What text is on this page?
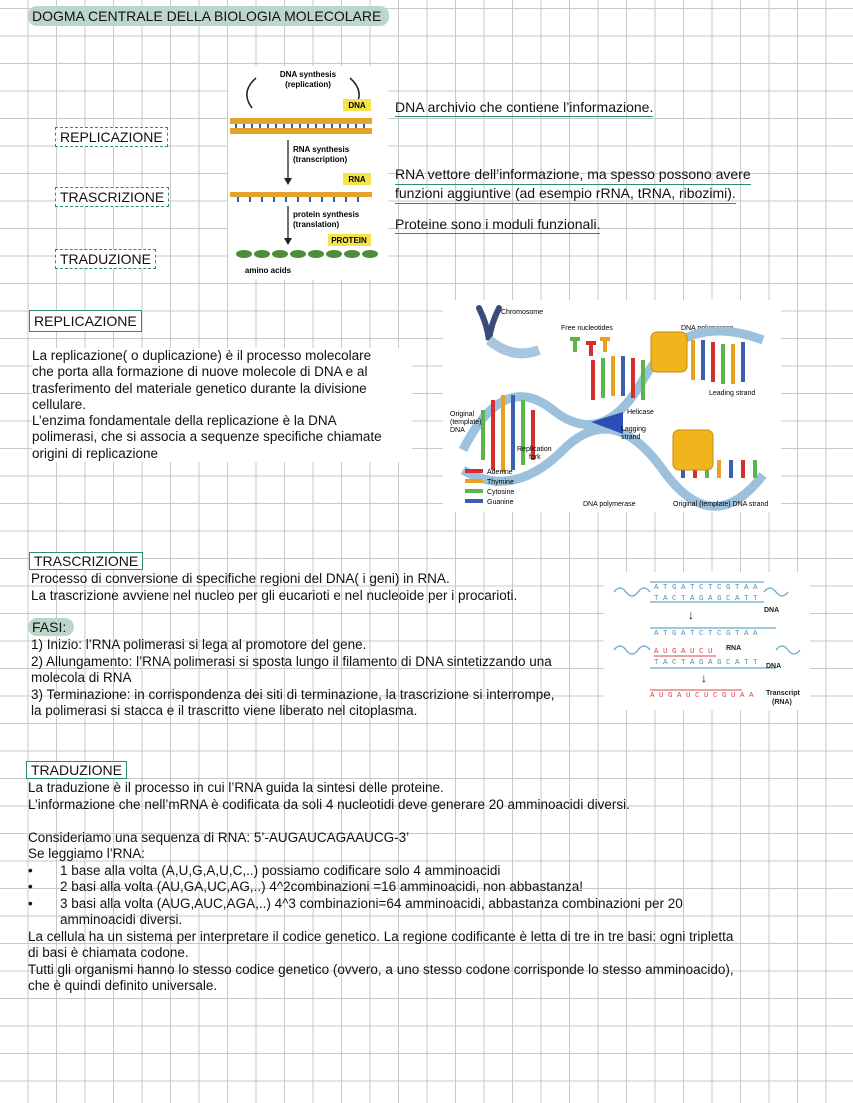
DOGMA CENTRALE DELLA BIOLOGIA MOLECOLARE
REPLICAZIONE
TRASCRIZIONE
TRADUZIONE
DNA synthesis
(replication)
DNA
RNA synthesis
(transcription)
RNA
protein synthesis
(translation)
PROTEIN
amino acids
DNA archivio che contiene l’informazione.
RNA vettore dell’informazione, ma spesso possono avere
funzioni aggiuntive (ad esempio rRNA, tRNA, ribozimi).
Proteine sono i moduli funzionali.
REPLICAZIONE
La replicazione( o duplicazione) è il processo molecolare
che porta alla formazione di nuove molecole di DNA e al
trasferimento del materiale genetico durante la divisione
cellulare.
L’enzima fondamentale della replicazione è la DNA
polimerasi, che si associa a sequenze specifiche chiamate
origini di replicazione
Chromosome
Free nucleotides	DNA polymerase
Leading strand
Original
(template)
DNA
Helicase
Lagging
strand
Replication
fork
Adenine
Thymine
Cytosine
Guanine	DNA polymerase	Original (template) DNA strand
TRASCRIZIONE
Processo di conversione di specifiche regioni del DNA( i geni) in RNA.
La trascrizione avviene nel nucleo per gli eucarioti e nel nucleoide per i procarioti.
FASI:
1) Inizio: l’RNA polimerasi si lega al promotore del gene.
2) Allungamento: l’RNA polimerasi si sposta lungo il filamento di DNA sintetizzando una
molecola di RNA
3) Terminazione: in corrispondenza dei siti di terminazione, la trascrizione si interrompe,
la polimerasi si stacca e il trascritto viene liberato nel citoplasma.
A T G A T C T C G T A A
T A C T A G A G C A T T
A T G A T C T C G T A A
T A C T A G A G C A T T
A U G A U C U
DNA
RNA
DNA
Transcript
(RNA)
↓
↓
A U G A U C U C G U A A
TRADUZIONE
La traduzione è il processo in cui l’RNA guida la sintesi delle proteine.
L’informazione che nell’mRNA è codificata da soli 4 nucleotidi deve generare 20 amminoacidi diversi.
Consideriamo una sequenza di RNA: 5’-AUGAUCAGAAUCG-3’
Se leggiamo l’RNA:
• 1 base alla volta (A,U,G,A,U,C,..) possiamo codificare solo 4 amminoacidi
• 2 basi alla volta (AU,GA,UC,AG,..) 4^2combinazioni =16 amminoacidi, non abbastanza!
• 3 basi alla volta (AUG,AUC,AGA,..) 4^3 combinazioni=64 amminoacidi, abbastanza combinazioni per 20
amminoacidi diversi.
La cellula ha un sistema per interpretare il codice genetico. La regione codificante è letta di tre in tre basi: ogni tripletta
di basi è chiamata codone.
Tutti gli organismi hanno lo stesso codice genetico (ovvero, a uno stesso codone corrisponde lo stesso amminoacido),
che è quindi definito universale.
